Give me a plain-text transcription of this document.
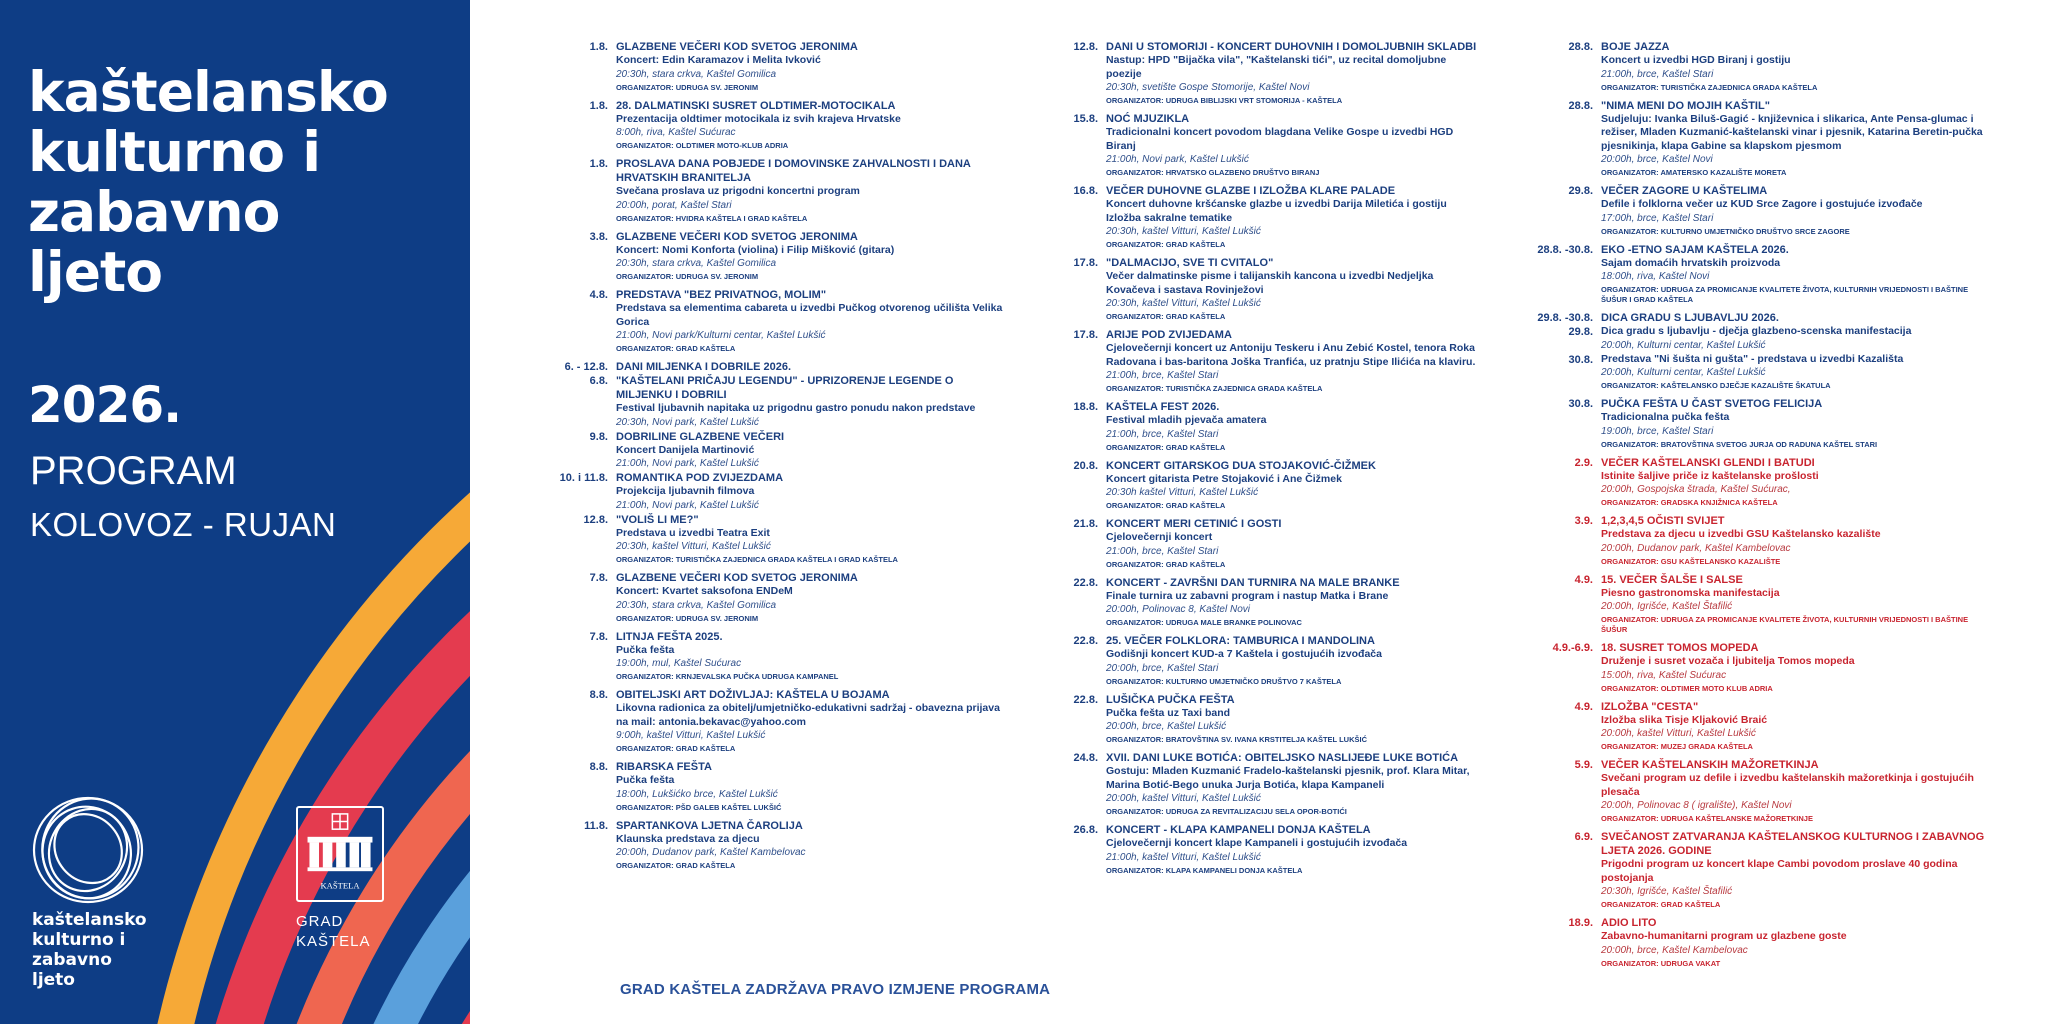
kaštelansko
kulturno i
zabavno
ljeto
2026.
PROGRAM
KOLOVOZ - RUJAN
kaštelansko
kulturno i
zabavno
ljeto
KAŠTELA
GRAD
KAŠTELA
1.8. GLAZBENE VEČERI KOD SVETOG JERONIMA
Koncert: Edin Karamazov i Melita Ivković
20:30h, stara crkva, Kaštel Gomilica
ORGANIZATOR: UDRUGA SV. JERONIM
1.8. 28. DALMATINSKI SUSRET OLDTIMER-MOTOCIKALA
Prezentacija oldtimer motocikala iz svih krajeva Hrvatske
8:00h, riva, Kaštel Sućurac
ORGANIZATOR: OLDTIMER MOTO-KLUB ADRIA
1.8. PROSLAVA DANA POBJEDE I DOMOVINSKE ZAHVALNOSTI I DANA HRVATSKIH BRANITELJA
Svečana proslava uz prigodni koncertni program
20:00h, porat, Kaštel Stari
ORGANIZATOR: HVIDRA KAŠTELA I GRAD KAŠTELA
3.8. GLAZBENE VEČERI KOD SVETOG JERONIMA
Koncert: Nomi Konforta (violina) i Filip Mišković (gitara)
20:30h, stara crkva, Kaštel Gomilica
ORGANIZATOR: UDRUGA SV. JERONIM
4.8. PREDSTAVA "BEZ PRIVATNOG, MOLIM"
Predstava sa elementima cabareta u izvedbi Pučkog otvorenog učilišta Velika Gorica
21:00h, Novi park/Kulturni centar, Kaštel Lukšić
ORGANIZATOR: GRAD KAŠTELA
6. - 12.8. DANI MILJENKA I DOBRILE 2026.
6.8. "KAŠTELANI PRIČAJU LEGENDU" - UPRIZORENJE LEGENDE O MILJENKU I DOBRILI
Festival ljubavnih napitaka uz prigodnu gastro ponudu nakon predstave
20:30h, Novi park, Kaštel Lukšić
9.8. DOBRILINE GLAZBENE VEČERI
Koncert Danijela Martinović
21:00h, Novi park, Kaštel Lukšić
10. i 11.8. ROMANTIKA POD ZVIJEZDAMA
Projekcija ljubavnih filmova
21:00h, Novi park, Kaštel Lukšić
12.8. "VOLIŠ LI ME?"
Predstava u izvedbi Teatra Exit
20:30h, kaštel Vitturi, Kaštel Lukšić
ORGANIZATOR: TURISTIČKA ZAJEDNICA GRADA KAŠTELA I GRAD KAŠTELA
7.8. GLAZBENE VEČERI KOD SVETOG JERONIMA
Koncert: Kvartet saksofona ENDeM
20:30h, stara crkva, Kaštel Gomilica
ORGANIZATOR: UDRUGA SV. JERONIM
7.8. LITNJA FEŠTA 2025.
Pučka fešta
19:00h, mul, Kaštel Sućurac
ORGANIZATOR: KRNJEVALSKA PUČKA UDRUGA KAMPANEL
8.8. OBITELJSKI ART DOŽIVLJAJ: KAŠTELA U BOJAMA
Likovna radionica za obitelj/umjetničko-edukativni sadržaj - obavezna prijava na mail: antonia.bekavac@yahoo.com
9:00h, kaštel Vitturi, Kaštel Lukšić
ORGANIZATOR: GRAD KAŠTELA
8.8. RIBARSKA FEŠTA
Pučka fešta
18:00h, Lukšićko brce, Kaštel Lukšić
ORGANIZATOR: PŠD GALEB KAŠTEL LUKŠIĆ
11.8. SPARTANKOVA LJETNA ČAROLIJA
Klaunska predstava za djecu
20:00h, Dudanov park, Kaštel Kambelovac
ORGANIZATOR: GRAD KAŠTELA
12.8. DANI U STOMORIJI - KONCERT DUHOVNIH I DOMOLJUBNIH SKLADBI
Nastup: HPD "Bijačka vila", "Kaštelanski tići", uz recital domoljubne poezije
20:30h, svetište Gospe Stomorije, Kaštel Novi
ORGANIZATOR: UDRUGA BIBLIJSKI VRT STOMORIJA - KAŠTELA
15.8. NOĆ MJUZIKLA
Tradicionalni koncert povodom blagdana Velike Gospe u izvedbi HGD Biranj
21:00h, Novi park, Kaštel Lukšić
ORGANIZATOR: HRVATSKO GLAZBENO DRUŠTVO BIRANJ
16.8. VEČER DUHOVNE GLAZBE I IZLOŽBA KLARE PALADE
Koncert duhovne kršćanske glazbe u izvedbi Darija Miletića i gostiju
Izložba sakralne tematike
20:30h, kaštel Vitturi, Kaštel Lukšić
ORGANIZATOR: GRAD KAŠTELA
17.8. "DALMACIJO, SVE TI CVITALO"
Večer dalmatinske pisme i talijanskih kancona u izvedbi Nedjeljka Kovačeva i sastava Rovinježovi
20:30h, kaštel Vitturi, Kaštel Lukšić
ORGANIZATOR: GRAD KAŠTELA
17.8. ARIJE POD ZVIJEDAMA
Cjelovečernji koncert uz Antoniju Teskeru i Anu Zebić Kostel, tenora Roka Radovana i bas-baritona Joška Tranfića, uz pratnju Stipe Ilićića na klaviru.
21:00h, brce, Kaštel Stari
ORGANIZATOR: TURISTIČKA ZAJEDNICA GRADA KAŠTELA
18.8. KAŠTELA FEST 2026.
Festival mladih pjevača amatera
21:00h, brce, Kaštel Stari
ORGANIZATOR: GRAD KAŠTELA
20.8. KONCERT GITARSKOG DUA STOJAKOVIĆ-ČIŽMEK
Koncert gitarista Petre Stojaković i Ane Čižmek
20:30h kaštel Vitturi, Kaštel Lukšić
ORGANIZATOR: GRAD KAŠTELA
21.8. KONCERT MERI CETINIĆ I GOSTI
Cjelovečernji koncert
21:00h, brce, Kaštel Stari
ORGANIZATOR: GRAD KAŠTELA
22.8. KONCERT - ZAVRŠNI DAN TURNIRA NA MALE BRANKE
Finale turnira uz zabavni program i nastup Matka i Brane
20:00h, Polinovac 8, Kaštel Novi
ORGANIZATOR: UDRUGA MALE BRANKE POLINOVAC
22.8. 25. VEČER FOLKLORA: TAMBURICA I MANDOLINA
Godišnji koncert KUD-a 7 Kaštela i gostujućih izvođača
20:00h, brce, Kaštel Stari
ORGANIZATOR: KULTURNO UMJETNIČKO DRUŠTVO 7 KAŠTELA
22.8. LUŠIČKA PUČKA FEŠTA
Pučka fešta uz Taxi band
20:00h, brce, Kaštel Lukšić
ORGANIZATOR: BRATOVŠTINA SV. IVANA KRSTITELJA KAŠTEL LUKŠIĆ
24.8. XVII. DANI LUKE BOTIĆA: OBITELJSKO NASLIJEĐE LUKE BOTIĆA
Gostuju: Mladen Kuzmanić Fradelo-kaštelanski pjesnik, prof. Klara Mitar, Marina Botić-Bego unuka Jurja Botića, klapa Kampaneli
20:00h, kaštel Vitturi, Kaštel Lukšić
ORGANIZATOR: UDRUGA ZA REVITALIZACIJU SELA OPOR-BOTIĆI
26.8. KONCERT - KLAPA KAMPANELI DONJA KAŠTELA
Cjelovečernji koncert klape Kampaneli i gostujućih izvođača
21:00h, kaštel Vitturi, Kaštel Lukšić
ORGANIZATOR: KLAPA KAMPANELI DONJA KAŠTELA
28.8. BOJE JAZZA
Koncert u izvedbi HGD Biranj i gostiju
21:00h, brce, Kaštel Stari
ORGANIZATOR: TURISTIČKA ZAJEDNICA GRADA KAŠTELA
28.8. "NIMA MENI DO MOJIH KAŠTIL"
Sudjeluju: Ivanka Biluš-Gagić - književnica i slikarica, Ante Pensa-glumac i režiser, Mladen Kuzmanić-kaštelanski vinar i pjesnik, Katarina Beretin-pučka pjesnikinja, klapa Gabine sa klapskom pjesmom
20:00h, brce, Kaštel Novi
ORGANIZATOR: AMATERSKO KAZALIŠTE MORETA
29.8. VEČER ZAGORE U KAŠTELIMA
Defile i folklorna večer uz KUD Srce Zagore i gostujuće izvođače
17:00h, brce, Kaštel Stari
ORGANIZATOR: KULTURNO UMJETNIČKO DRUŠTVO SRCE ZAGORE
28.8. -30.8. EKO -ETNO SAJAM KAŠTELA 2026.
Sajam domaćih hrvatskih proizvoda
18:00h, riva, Kaštel Novi
ORGANIZATOR: UDRUGA ZA PROMICANJE KVALITETE ŽIVOTA, KULTURNIH VRIJEDNOSTI I BAŠTINE ŠUŠUR I GRAD KAŠTELA
29.8. -30.8. DICA GRADU S LJUBAVLJU 2026.
29.8. Dica gradu s ljubavlju - dječja glazbeno-scenska manifestacija
20:00h, Kulturni centar, Kaštel Lukšić
30.8. Predstava "Ni šušta ni gušta" - predstava u izvedbi Kazališta
20:00h, Kulturni centar, Kaštel Lukšić
ORGANIZATOR: KAŠTELANSKO DJEČJE KAZALIŠTE ŠKATULA
30.8. PUČKA FEŠTA U ČAST SVETOG FELICIJA
Tradicionalna pučka fešta
19:00h, brce, Kaštel Stari
ORGANIZATOR: BRATOVŠTINA SVETOG JURJA OD RADUNA KAŠTEL STARI
2.9. VEČER KAŠTELANSKI GLENDI I BATUDI
Istinite šaljive priče iz kaštelanske prošlosti
20:00h, Gospojska štrada, Kaštel Sućurac,
ORGANIZATOR: GRADSKA KNJIŽNICA KAŠTELA
3.9. 1,2,3,4,5 OČISTI SVIJET
Predstava za djecu u izvedbi GSU Kaštelansko kazalište
20:00h, Dudanov park, Kaštel Kambelovac
ORGANIZATOR: GSU KAŠTELANSKO KAZALIŠTE
4.9. 15. VEČER ŠALŠE I SALSE
Piesno gastronomska manifestacija
20:00h, Igrišće, Kaštel Štafilić
ORGANIZATOR: UDRUGA ZA PROMICANJE KVALITETE ŽIVOTA, KULTURNIH VRIJEDNOSTI I BAŠTINE ŠUŠUR
4.9.-6.9. 18. SUSRET TOMOS MOPEDA
Druženje i susret vozača i ljubitelja Tomos mopeda
15:00h, riva, Kaštel Sućurac
ORGANIZATOR: OLDTIMER MOTO KLUB ADRIA
4.9. IZLOŽBA "CESTA"
Izložba slika Tisje Kljaković Braić
20:00h, kaštel Vitturi, Kaštel Lukšić
ORGANIZATOR: MUZEJ GRADA KAŠTELA
5.9. VEČER KAŠTELANSKIH MAŽORETKINJA
Svečani program uz defile i izvedbu kaštelanskih mažoretkinja i gostujućih plesača
20:00h, Polinovac 8 ( igralište), Kaštel Novi
ORGANIZATOR: UDRUGA KAŠTELANSKE MAŽORETKINJE
6.9. SVEČANOST ZATVARANJA KAŠTELANSKOG KULTURNOG I ZABAVNOG LJETA 2026. GODINE
Prigodni program uz koncert klape Cambi povodom proslave 40 godina postojanja
20:30h, Igrišće, Kaštel Štafilić
ORGANIZATOR: GRAD KAŠTELA
18.9. ADIO LITO
Zabavno-humanitarni program uz glazbene goste
20:00h, brce, Kaštel Kambelovac
ORGANIZATOR: UDRUGA VAKAT
GRAD KAŠTELA ZADRŽAVA PRAVO IZMJENE PROGRAMA
